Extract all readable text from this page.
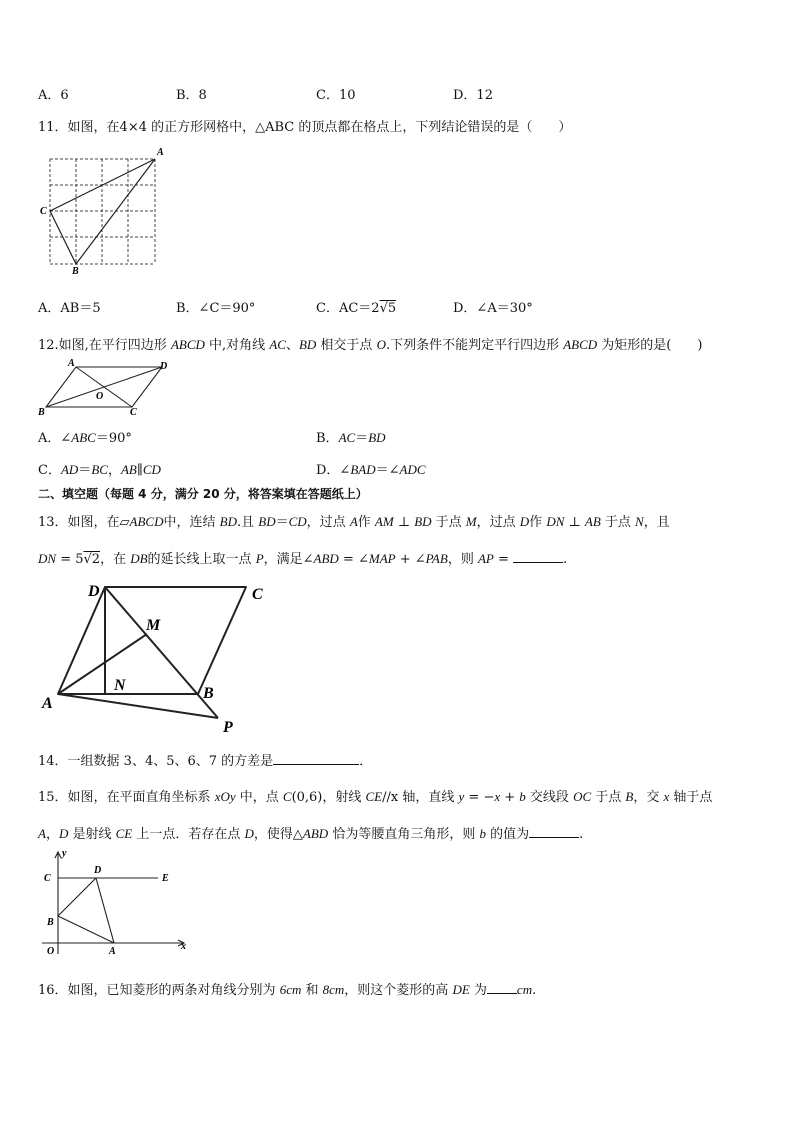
A．6	B．8	C．10	D．12
11．如图，在4×4 的正方形网格中，△ABC 的顶点都在格点上，下列结论错误的是（　　）
A
C
B
A．AB＝5	B．∠C＝90°	C．AC＝2√5	D．∠A＝30°
12.如图,在平行四边形 ABCD 中,对角线 AC、BD 相交于点 O.下列条件不能判定平行四边形 ABCD 为矩形的是(　　)
A	D
O
B	C
A．∠ABC＝90°	B．AC＝BD
C．AD＝BC，AB∥CD	D．∠BAD＝∠ADC
二、填空题（每题 4 分，满分 20 分，将答案填在答题纸上）
13．如图，在▱ABCD中，连结 BD.且 BD＝CD，过点 A作 AM ⊥ BD 于点 M，过点 D作 DN ⊥ AB 于点 N，且
DN = 5√2，在 DB的延长线上取一点 P，满足∠ABD = ∠MAP + ∠PAB，则 AP =	.
D	C
M
N	B
A
P
14．一组数据 3、4、5、6、7 的方差是	．
15．如图，在平面直角坐标系 xOy 中，点 C(0,6)，射线 CE//x 轴，直线 y = −x + b 交线段 OC 于点 B，交 x 轴于点
A，D 是射线 CE 上一点．若存在点 D，使得△ABD 恰为等腰直角三角形，则 b 的值为	.
y
C
D
E
B
O	A	x
16．如图，已知菱形的两条对角线分别为 6cm 和 8cm，则这个菱形的高 DE 为 cm.
